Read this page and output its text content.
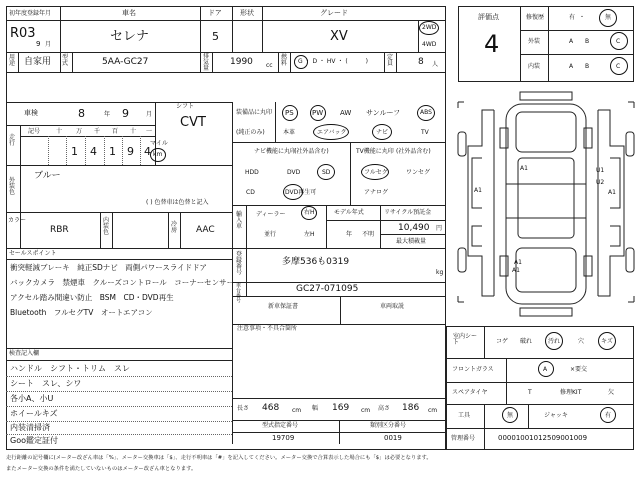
初年度登録年月
R03
9 月
車名
セレナ
ドア
5
形状	グレード
XV
2WD
4WD
用途 自家用 型式	5AA-GC27
排気量
1990 cc
燃料 G ・ D ・ HV ・ (　　　)
定員	8 人
車検	8	年 9	月
シフト
CVT
走行
記号	十 万 千 百 十 一
1 4 1 9 4
マイル
km
外装色
ブルー
( ) 色替車は色替と記入
カラー
RBR
内装色
冷房 AAC
装備品に丸印
(純正のみ)
PS	PW AW サンルーフ	ABS
本革	エアバック	ナビ	TV
ナビ機能に丸印
(社外品含む)
HDD	DVD	SD
CD	DVD再生可
TV機能に丸印 (社外品含む)
フルセグ	ワンセグ
アナログ
輸入車
ディーラー	右H
並行	左H
モデル年式
年 不明
リサイクル預託金
10,490 円
最大積載量
登録番号
多摩536も0319
kg
車台番号
GC27-071095
新車保証書	車両取説
注意事項・不具合箇所
セールスポイント
衝突軽減ブレーキ　純正SDナビ　両側パワースライドドア
バックカメラ　禁煙車　クルーズコントロール　コーナーセンサー
アクセル踏み間違い防止　BSM　CD・DVD再生
Bluetooth　フルセグTV　オートエアコン
検査記入欄
ハンドル　シフト・トリム　スレ
シート　スレ、シワ
各小A、小U
ホイールキズ
内装清掃済
Goo鑑定証付
長さ 468 cm 幅 169 cm 高さ 186 cm
型式指定番号
19709
類別区分番号
0019
評価点
4
修復歴	有 ・	無
外装	A B	C
内装	A B	C
A1
A1
U1
U2
A1
A1
A1
室内シート	コゲ 破れ	汚れ	穴	キズ
フロントガラス	A	×要交
スペアタイヤ	T	修理KIT	欠
工具	無	ジャッキ	有
管理番号	00001001012509001009
走行距離の記号欄に(メーター改ざん車は「%」、メーター交換車は「$」、走行不明車は「#」を記入してください。メーター交換で合算表示した場合にも「$」は必要となります。
またメーター交換の条件を満たしていないものはメーター改ざん車となります。
